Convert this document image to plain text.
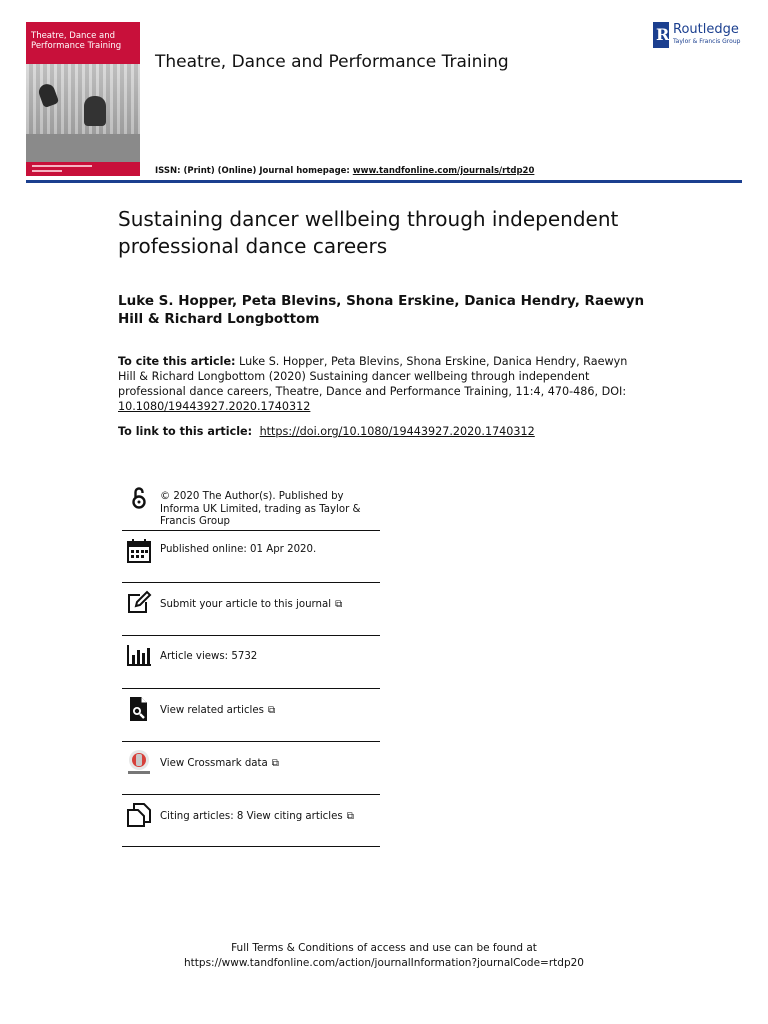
Theatre, Dance and Performance Training
Theatre, Dance and Performance Training
ISSN: (Print) (Online) Journal homepage: www.tandfonline.com/journals/rtdp20
R Routledge
Taylor & Francis Group
Sustaining dancer wellbeing through independent professional dance careers
Luke S. Hopper, Peta Blevins, Shona Erskine, Danica Hendry, Raewyn Hill & Richard Longbottom
To cite this article: Luke S. Hopper, Peta Blevins, Shona Erskine, Danica Hendry, Raewyn Hill & Richard Longbottom (2020) Sustaining dancer wellbeing through independent professional dance careers, Theatre, Dance and Performance Training, 11:4, 470-486, DOI: 10.1080/19443927.2020.1740312
To link to this article:  https://doi.org/10.1080/19443927.2020.1740312
© 2020 The Author(s). Published by Informa UK Limited, trading as Taylor & Francis Group
Published online: 01 Apr 2020.
Submit your article to this journal ⧉
Article views: 5732
View related articles ⧉
View Crossmark data ⧉
Citing articles: 8 View citing articles ⧉
Full Terms & Conditions of access and use can be found at
https://www.tandfonline.com/action/journalInformation?journalCode=rtdp20
